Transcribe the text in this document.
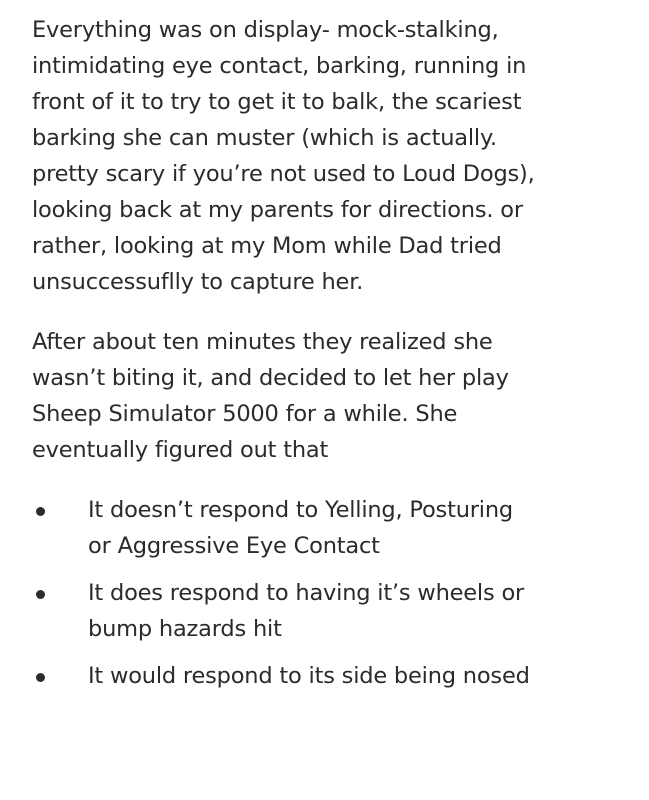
Everything was on display- mock-stalking,
intimidating eye contact, barking, running in
front of it to try to get it to balk, the scariest
barking she can muster (which is actually.
pretty scary if you’re not used to Loud Dogs),
looking back at my parents for directions. or
rather, looking at my Mom while Dad tried
unsuccessuflly to capture her.

After about ten minutes they realized she
wasn’t biting it, and decided to let her play
Sheep Simulator 5000 for a while. She
eventually figured out that

It doesn’t respond to Yelling, Posturing
or Aggressive Eye Contact
It does respond to having it’s wheels or
bump hazards hit
It would respond to its side being nosed
